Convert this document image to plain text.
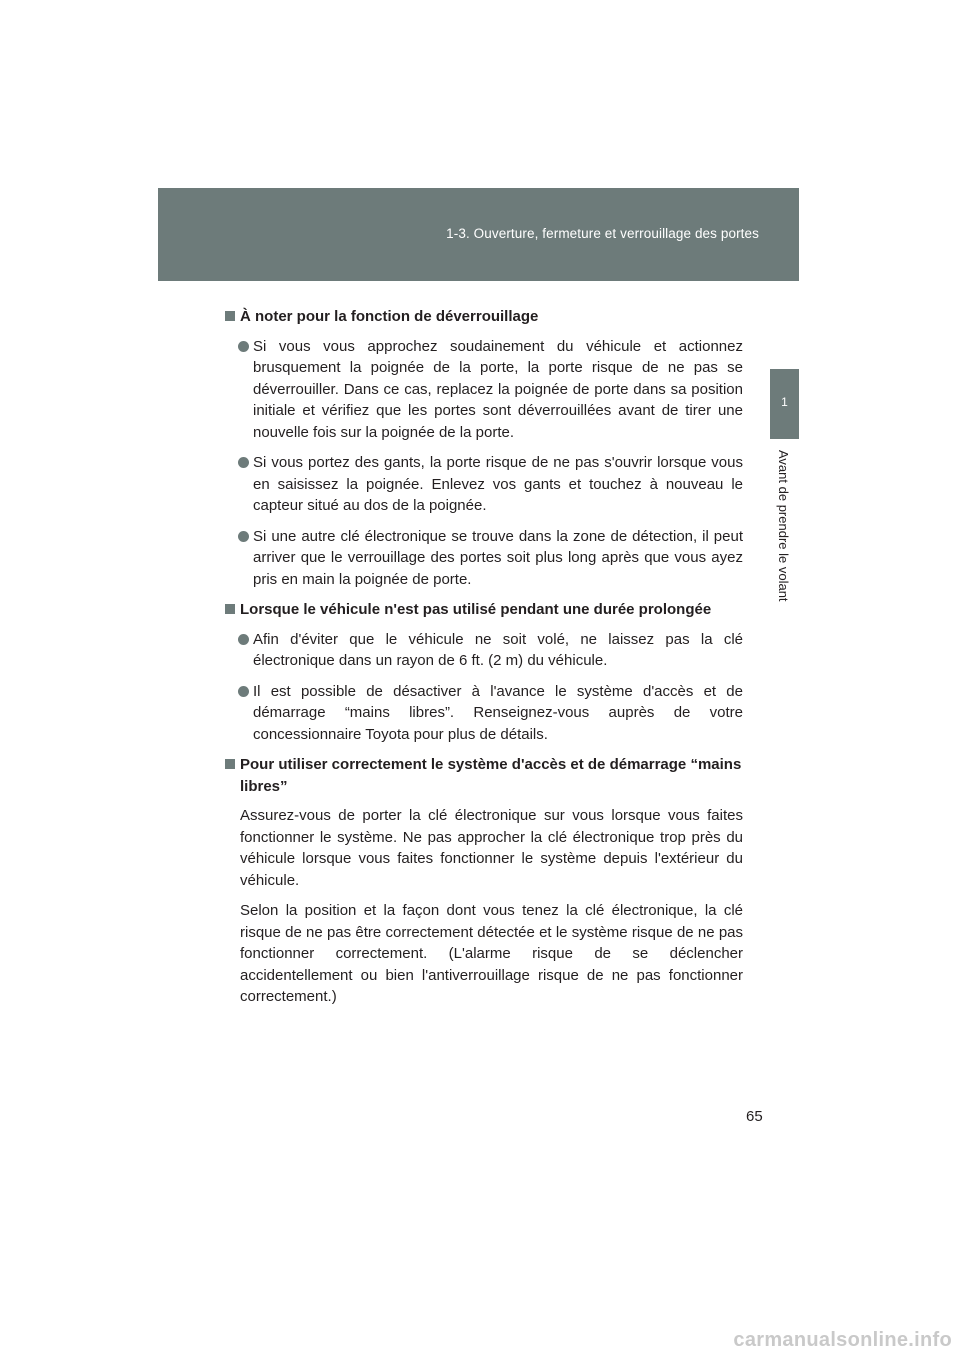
1-3. Ouverture, fermeture et verrouillage des portes
1
Avant de prendre le volant
À noter pour la fonction de déverrouillage
Si vous vous approchez soudainement du véhicule et actionnez brusquement la poignée de la porte, la porte risque de ne pas se déverrouiller. Dans ce cas, replacez la poignée de porte dans sa position initiale et vérifiez que les portes sont déverrouillées avant de tirer une nouvelle fois sur la poignée de la porte.
Si vous portez des gants, la porte risque de ne pas s'ouvrir lorsque vous en saisissez la poignée. Enlevez vos gants et touchez à nouveau le capteur situé au dos de la poignée.
Si une autre clé électronique se trouve dans la zone de détection, il peut arriver que le verrouillage des portes soit plus long après que vous ayez pris en main la poignée de porte.
Lorsque le véhicule n'est pas utilisé pendant une durée prolongée
Afin d'éviter que le véhicule ne soit volé, ne laissez pas la clé électronique dans un rayon de 6 ft. (2 m) du véhicule.
Il est possible de désactiver à l'avance le système d'accès et de démarrage “mains libres”. Renseignez-vous auprès de votre concessionnaire Toyota pour plus de détails.
Pour utiliser correctement le système d'accès et de démarrage “mains libres”
Assurez-vous de porter la clé électronique sur vous lorsque vous faites fonctionner le système. Ne pas approcher la clé électronique trop près du véhicule lorsque vous faites fonctionner le système depuis l'extérieur du véhicule.
Selon la position et la façon dont vous tenez la clé électronique, la clé risque de ne pas être correctement détectée et le système risque de ne pas fonctionner correctement. (L'alarme risque de se déclencher accidentellement ou bien l'antiverrouillage risque de ne pas fonctionner correctement.)
65
carmanualsonline.info
